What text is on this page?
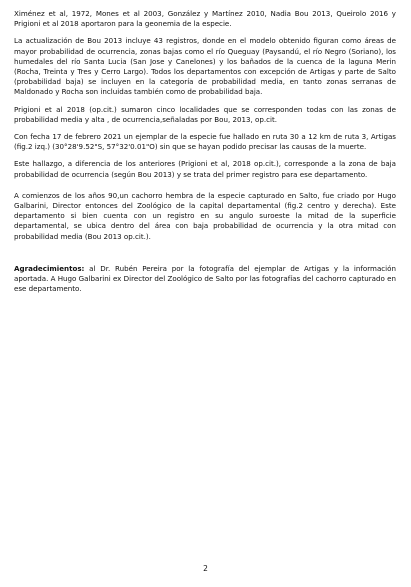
Ximénez et al, 1972, Mones et al 2003, González y Martínez 2010, Nadia Bou 2013, Queirolo 2016 y Prigioni et al 2018 aportaron para la geonemia de la especie.

La actualización de Bou 2013 incluye 43 registros, donde en el modelo obtenido figuran como áreas de mayor probabilidad de ocurrencia, zonas bajas como el río Queguay (Paysandú, el río Negro (Soriano), los humedales del río Santa Lucia (San Jose y Canelones) y los bañados de la cuenca de la laguna Merin (Rocha, Treinta y Tres y Cerro Largo). Todos los departamentos con excepción de Artigas y parte de Salto (probabilidad baja) se incluyen en la categoría de probabilidad media, en tanto zonas serranas de Maldonado y Rocha son incluidas también como de probabilidad baja.

Prigioni et al 2018 (op.cit.) sumaron cinco localidades que se corresponden todas con las zonas de probabilidad media y alta , de ocurrencia,señaladas por Bou, 2013, op.cit.

Con fecha 17 de febrero 2021 un ejemplar de la especie fue hallado en ruta 30 a 12 km de ruta 3, Artigas (fig.2 izq.) (30°28'9.52"S, 57°32'0.01"O) sin que se hayan podido precisar las causas de la muerte.

Este hallazgo, a diferencia de los anteriores (Prigioni et al, 2018 op.cit.), corresponde a la zona de baja probabilidad de ocurrencia (según Bou 2013) y se trata del primer registro para ese departamento.

A comienzos de los años 90,un cachorro hembra de la especie capturado en Salto, fue criado por Hugo Galbarini, Director entonces del Zoológico de la capital departamental (fig.2 centro y derecha). Este departamento si bien cuenta con un registro en su angulo suroeste la mitad de la superficie departamental, se ubica dentro del área con baja probabilidad de ocurrencia y la otra mitad con probabilidad media (Bou 2013 op.cit.).

Agradecimientos: al Dr. Rubén Pereira por la fotografía del ejemplar de Artigas y la información aportada. A Hugo Galbarini ex Director del Zoológico de Salto por las fotografías del cachorro capturado en ese departamento.

2
